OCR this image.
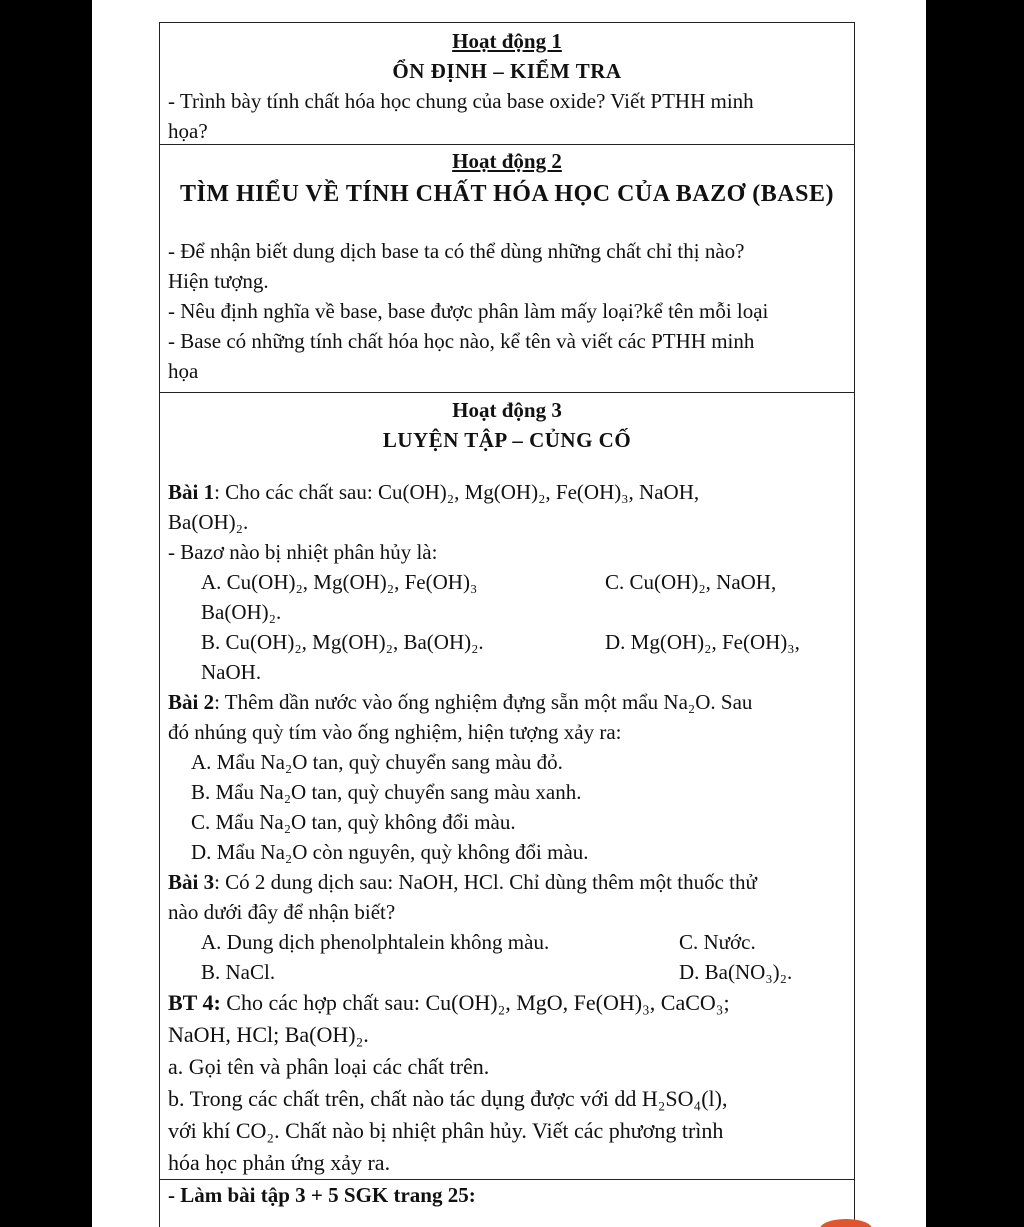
Hoạt động 1
ỔN ĐỊNH – KIỂM TRA
- Trình bày tính chất hóa học chung của base oxide? Viết PTHH minh
họa?
Hoạt động 2
TÌM HIỂU VỀ TÍNH CHẤT HÓA HỌC CỦA BAZƠ (BASE)
- Để nhận biết dung dịch base ta có thể dùng những chất chỉ thị nào?
Hiện tượng.
- Nêu định nghĩa về base, base được phân làm mấy loại?kể tên mỗi loại
- Base có những tính chất hóa học nào, kể tên và viết các PTHH minh
họa
Hoạt động 3
LUYỆN TẬP – CỦNG CỐ
Bài 1: Cho các chất sau: Cu(OH)₂, Mg(OH)₂, Fe(OH)₃, NaOH,
Ba(OH)₂.
- Bazơ nào bị nhiệt phân hủy là:
A. Cu(OH)₂, Mg(OH)₂, Fe(OH)₃	C. Cu(OH)₂, NaOH,
Ba(OH)₂.
B. Cu(OH)₂, Mg(OH)₂, Ba(OH)₂.	D. Mg(OH)₂, Fe(OH)₃,
NaOH.
Bài 2: Thêm dần nước vào ống nghiệm đựng sẵn một mẩu Na₂O. Sau
đó nhúng quỳ tím vào ống nghiệm, hiện tượng xảy ra:
A. Mẩu Na₂O tan, quỳ chuyển sang màu đỏ.
B. Mẩu Na₂O tan, quỳ chuyển sang màu xanh.
C. Mẩu Na₂O tan, quỳ không đổi màu.
D. Mẩu Na₂O còn nguyên, quỳ không đổi màu.
Bài 3: Có 2 dung dịch sau: NaOH, HCl. Chỉ dùng thêm một thuốc thử
nào dưới đây để nhận biết?
A. Dung dịch phenolphtalein không màu.	C. Nước.
B. NaCl.	D. Ba(NO₃)₂.
BT 4: Cho các hợp chất sau: Cu(OH)₂, MgO, Fe(OH)₃, CaCO₃;
NaOH, HCl; Ba(OH)₂.
a. Gọi tên và phân loại các chất trên.
b. Trong các chất trên, chất nào tác dụng được với dd H₂SO₄(l),
với khí CO₂. Chất nào bị nhiệt phân hủy. Viết các phương trình
hóa học phản ứng xảy ra.
- Làm bài tập 3 + 5 SGK trang 25:
